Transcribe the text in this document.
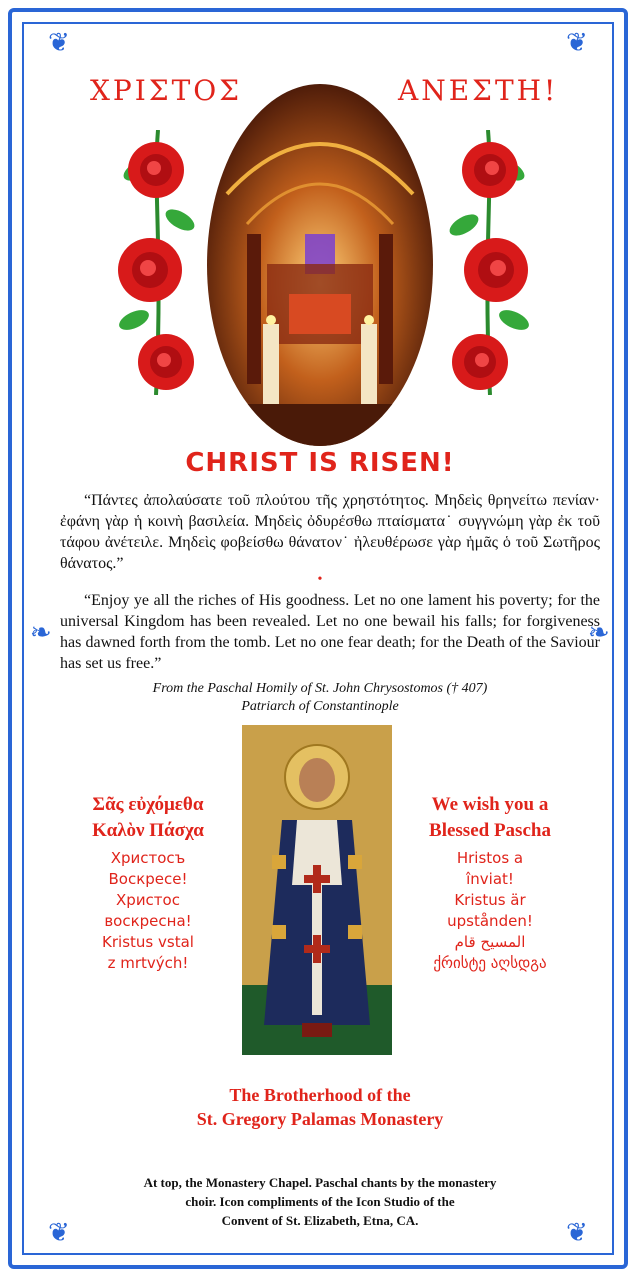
❦	❦
❦	❦
❧	❧
ΧΡΙΣΤΟΣ	ΑΝΕΣΤΗ!
CHRIST IS RISEN!
“Πάντες ἀπολαύσατε τοῦ πλούτου τῆς χρηστότητος. Μηδεὶς θρηνείτω πενίαν· ἐφάνη γὰρ ἡ κοινὴ βασιλεία. Μηδεὶς ὀδυρέσθω πταίσματα˙ συγγνώμη γὰρ ἐκ τοῦ τάφου ἀνέτειλε. Μηδεὶς φοβείσθω θάνατον˙ ἠλευθέρωσε γὰρ ἡμᾶς ὁ τοῦ Σωτῆρος θάνατος.”
•
“Enjoy ye all the riches of His goodness. Let no one lament his poverty; for the universal Kingdom has been revealed. Let no one bewail his falls; for forgiveness has dawned forth from the tomb. Let no one fear death; for the Death of the Saviour has set us free.”
From the Paschal Homily of St. John Chrysostomos († 407)
Patriarch of Constantinople
Σᾶς εὐχόμεθα
Καλὸν Πάσχα
Христосъ
Воскресе!
Христос
воскресна!
Kristus vstal
z mrtvých!
We wish you a
Blessed Pascha
Hristos a
înviat!
Kristus är
upstånden!
المسيح قام
ქრისტე აღსდგა
The Brotherhood of the
St. Gregory Palamas Monastery
At top, the Monastery Chapel. Paschal chants by the monastery
choir. Icon compliments of the Icon Studio of the
Convent of St. Elizabeth, Etna, CA.
